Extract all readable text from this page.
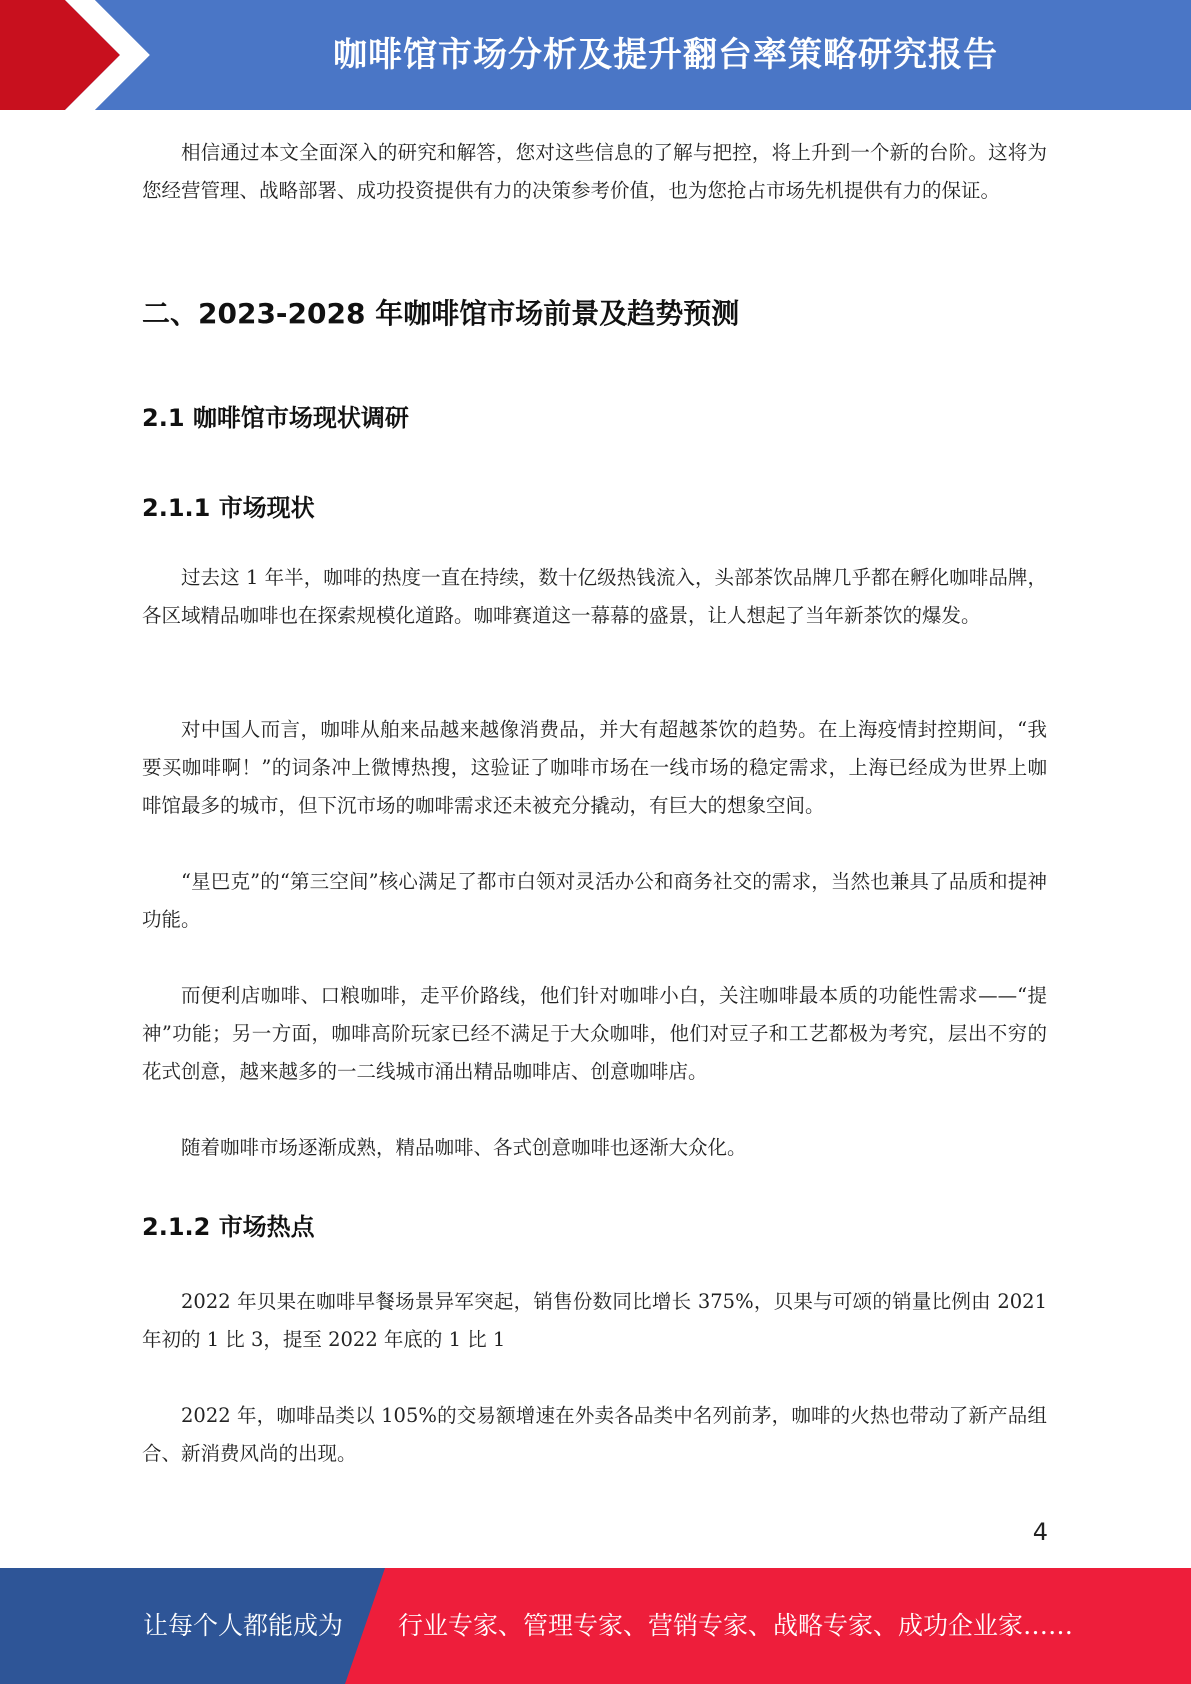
咖啡馆市场分析及提升翻台率策略研究报告

相信通过本文全面深入的研究和解答，您对这些信息的了解与把控，将上升到一个新的台阶。这将为您经营管理、战略部署、成功投资提供有力的决策参考价值，也为您抢占市场先机提供有力的保证。

二、2023-2028 年咖啡馆市场前景及趋势预测
2.1 咖啡馆市场现状调研
2.1.1 市场现状

过去这 1 年半，咖啡的热度一直在持续，数十亿级热钱流入，头部茶饮品牌几乎都在孵化咖啡品牌，各区域精品咖啡也在探索规模化道路。咖啡赛道这一幕幕的盛景，让人想起了当年新茶饮的爆发。

对中国人而言，咖啡从舶来品越来越像消费品，并大有超越茶饮的趋势。在上海疫情封控期间，“我要买咖啡啊！”的词条冲上微博热搜，这验证了咖啡市场在一线市场的稳定需求，上海已经成为世界上咖啡馆最多的城市，但下沉市场的咖啡需求还未被充分撬动，有巨大的想象空间。

“星巴克”的“第三空间”核心满足了都市白领对灵活办公和商务社交的需求，当然也兼具了品质和提神功能。

而便利店咖啡、口粮咖啡，走平价路线，他们针对咖啡小白，关注咖啡最本质的功能性需求——“提神”功能；另一方面，咖啡高阶玩家已经不满足于大众咖啡，他们对豆子和工艺都极为考究，层出不穷的花式创意，越来越多的一二线城市涌出精品咖啡店、创意咖啡店。

随着咖啡市场逐渐成熟，精品咖啡、各式创意咖啡也逐渐大众化。

2.1.2 市场热点

2022 年贝果在咖啡早餐场景异军突起，销售份数同比增长 375%，贝果与可颂的销量比例由 2021 年初的 1 比 3，提至 2022 年底的 1 比 1

2022 年，咖啡品类以 105%的交易额增速在外卖各品类中名列前茅，咖啡的火热也带动了新产品组合、新消费风尚的出现。

4
让每个人都能成为 行业专家、管理专家、营销专家、战略专家、成功企业家……
